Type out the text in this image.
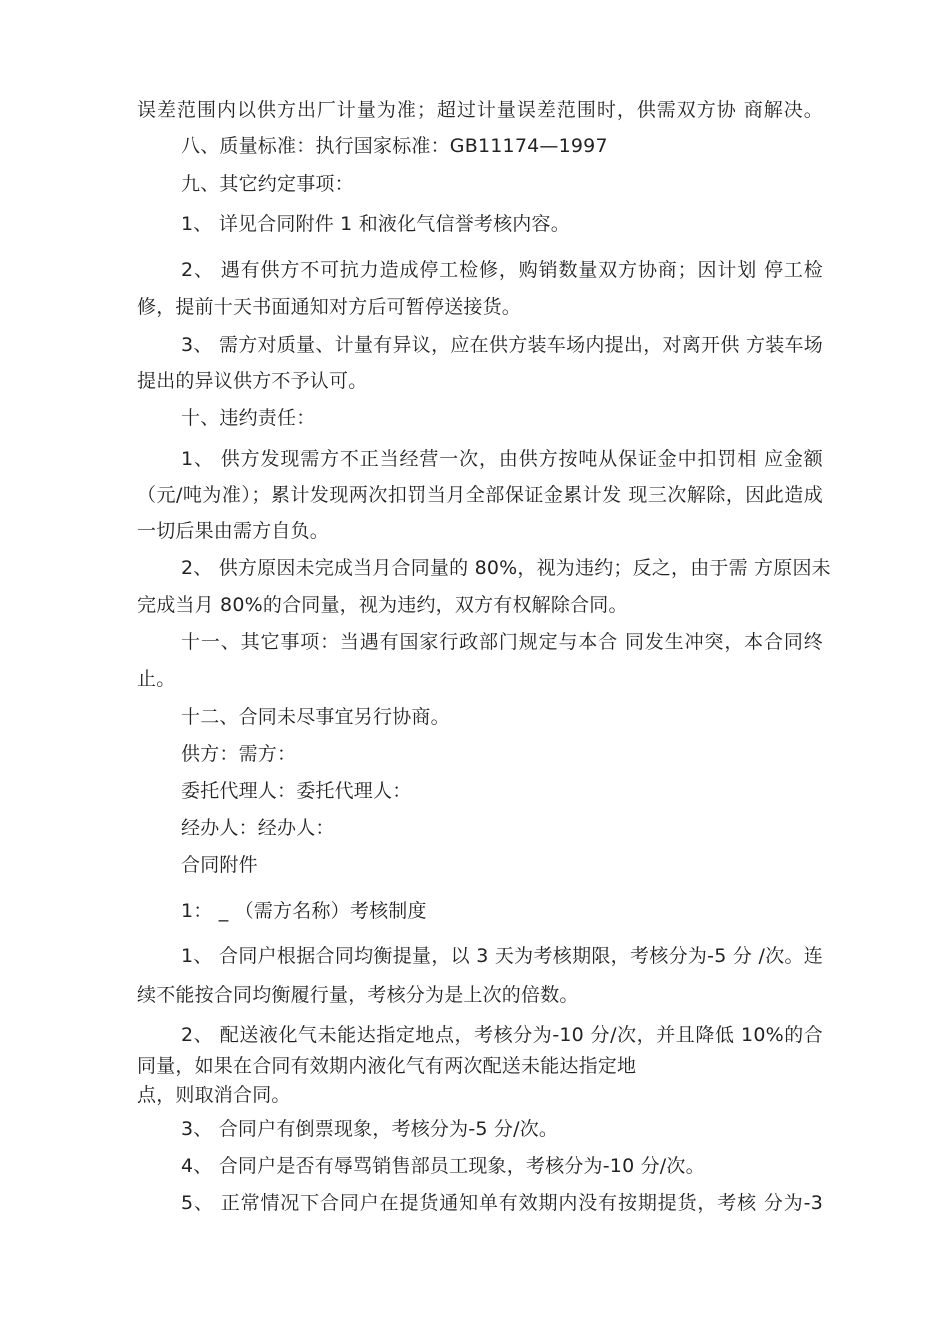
误差范围内以供方出厂计量为准；超过计量误差范围时，供需双方协 商解决。
八、质量标准：执行国家标准：GB11174—1997
九、其它约定事项：
1、 详见合同附件 1 和液化气信誉考核内容。
2、 遇有供方不可抗力造成停工检修，购销数量双方协商；因计划 停工检
修，提前十天书面通知对方后可暂停送接货。
3、 需方对质量、计量有异议，应在供方装车场内提出，对离开供 方装车场
提出的异议供方不予认可。
十、违约责任：
1、 供方发现需方不正当经营一次，由供方按吨从保证金中扣罚相 应金额
（元/吨为准）；累计发现两次扣罚当月全部保证金累计发 现三次解除，因此造成
一切后果由需方自负。
2、 供方原因未完成当月合同量的 80%，视为违约；反之，由于需 方原因未
完成当月 80%的合同量，视为违约，双方有权解除合同。
十一、其它事项：当遇有国家行政部门规定与本合 同发生冲突，本合同终
止。
十二、合同未尽事宜另行协商。
供方：需方：
委托代理人：委托代理人：
经办人：经办人：
合同附件
1： _ （需方名称）考核制度
1、 合同户根据合同均衡提量，以 3 天为考核期限，考核分为-5 分 /次。连
续不能按合同均衡履行量，考核分为是上次的倍数。
2、 配送液化气未能达指定地点，考核分为-10 分/次，并且降低 10%的合
同量，如果在合同有效期内液化气有两次配送未能达指定地
点，则取消合同。
3、 合同户有倒票现象，考核分为-5 分/次。
4、 合同户是否有辱骂销售部员工现象，考核分为-10 分/次。
5、 正常情况下合同户在提货通知单有效期内没有按期提货，考核 分为-3
